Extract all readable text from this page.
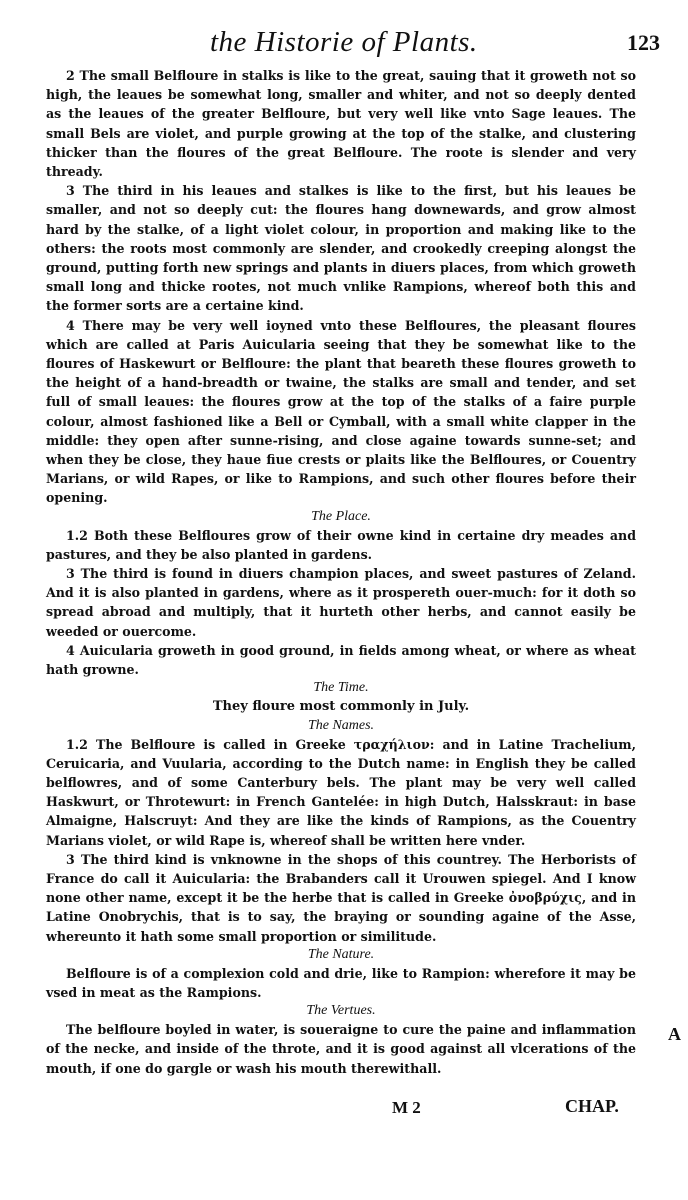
the Historie of Plants.	123

2 The small Belfloure in stalks is like to the great, sauing that it groweth not so high, the leaues be somewhat long, smaller and whiter, and not so deeply dented as the leaues of the greater Belfloure, but very well like vnto Sage leaues. The small Bels are violet, and purple growing at the top of the stalke, and clustering thicker than the floures of the great Belfloure. The roote is slender and very thready.

3 The third in his leaues and stalkes is like to the first, but his leaues be smaller, and not so deeply cut: the floures hang downewards, and grow almost hard by the stalke, of a light violet colour, in proportion and making like to the others: the roots most commonly are slender, and crookedly creeping alongst the ground, putting forth new springs and plants in diuers places, from which groweth small long and thicke rootes, not much vnlike Rampions, whereof both this and the former sorts are a certaine kind.

4 There may be very well ioyned vnto these Belfloures, the pleasant floures which are called at Paris Auicularia seeing that they be somewhat like to the floures of Haskewurt or Belfloure: the plant that beareth these floures groweth to the height of a hand-breadth or twaine, the stalks are small and tender, and set full of small leaues: the floures grow at the top of the stalks of a faire purple colour, almost fashioned like a Bell or Cymball, with a small white clapper in the middle: they open after sunne-rising, and close againe towards sunne-set; and when they be close, they haue fiue crests or plaits like the Belfloures, or Couentry Marians, or wild Rapes, or like to Rampions, and such other floures before their opening.

The Place.

1.2 Both these Belfloures grow of their owne kind in certaine dry meades and pastures, and they be also planted in gardens.

3 The third is found in diuers champion places, and sweet pastures of Zeland. And it is also planted in gardens, where as it prospereth ouer-much: for it doth so spread abroad and multiply, that it hurteth other herbs, and cannot easily be weeded or ouercome.

4 Auicularia groweth in good ground, in fields among wheat, or where as wheat hath growne.

The Time.

They floure most commonly in July.

The Names.

1.2 The Belfloure is called in Greeke τραχήλιον: and in Latine Trachelium, Ceruicaria, and Vuularia, according to the Dutch name: in English they be called belflowres, and of some Canterbury bels. The plant may be very well called Haskwurt, or Throtewurt: in French Gantelée: in high Dutch, Halsskraut: in base Almaigne, Halscruyt: And they are like the kinds of Rampions, as the Couentry Marians violet, or wild Rape is, whereof shall be written here vnder.

3 The third kind is vnknowne in the shops of this countrey. The Herborists of France do call it Auicularia: the Brabanders call it Urouwen spiegel. And I know none other name, except it be the herbe that is called in Greeke ὀνοβρύχις, and in Latine Onobrychis, that is to say, the braying or sounding againe of the Asse, whereunto it hath some small proportion or similitude.

The Nature.

Belfloure is of a complexion cold and drie, like to Rampion: wherefore it may be vsed in meat as the Rampions.

The Vertues.

The belfloure boyled in water, is soueraigne to cure the paine and inflammation of the necke, and inside of the throte, and it is good against all vlcerations of the mouth, if one do gargle or wash his mouth therewithall.

A
M 2	CHAP.
